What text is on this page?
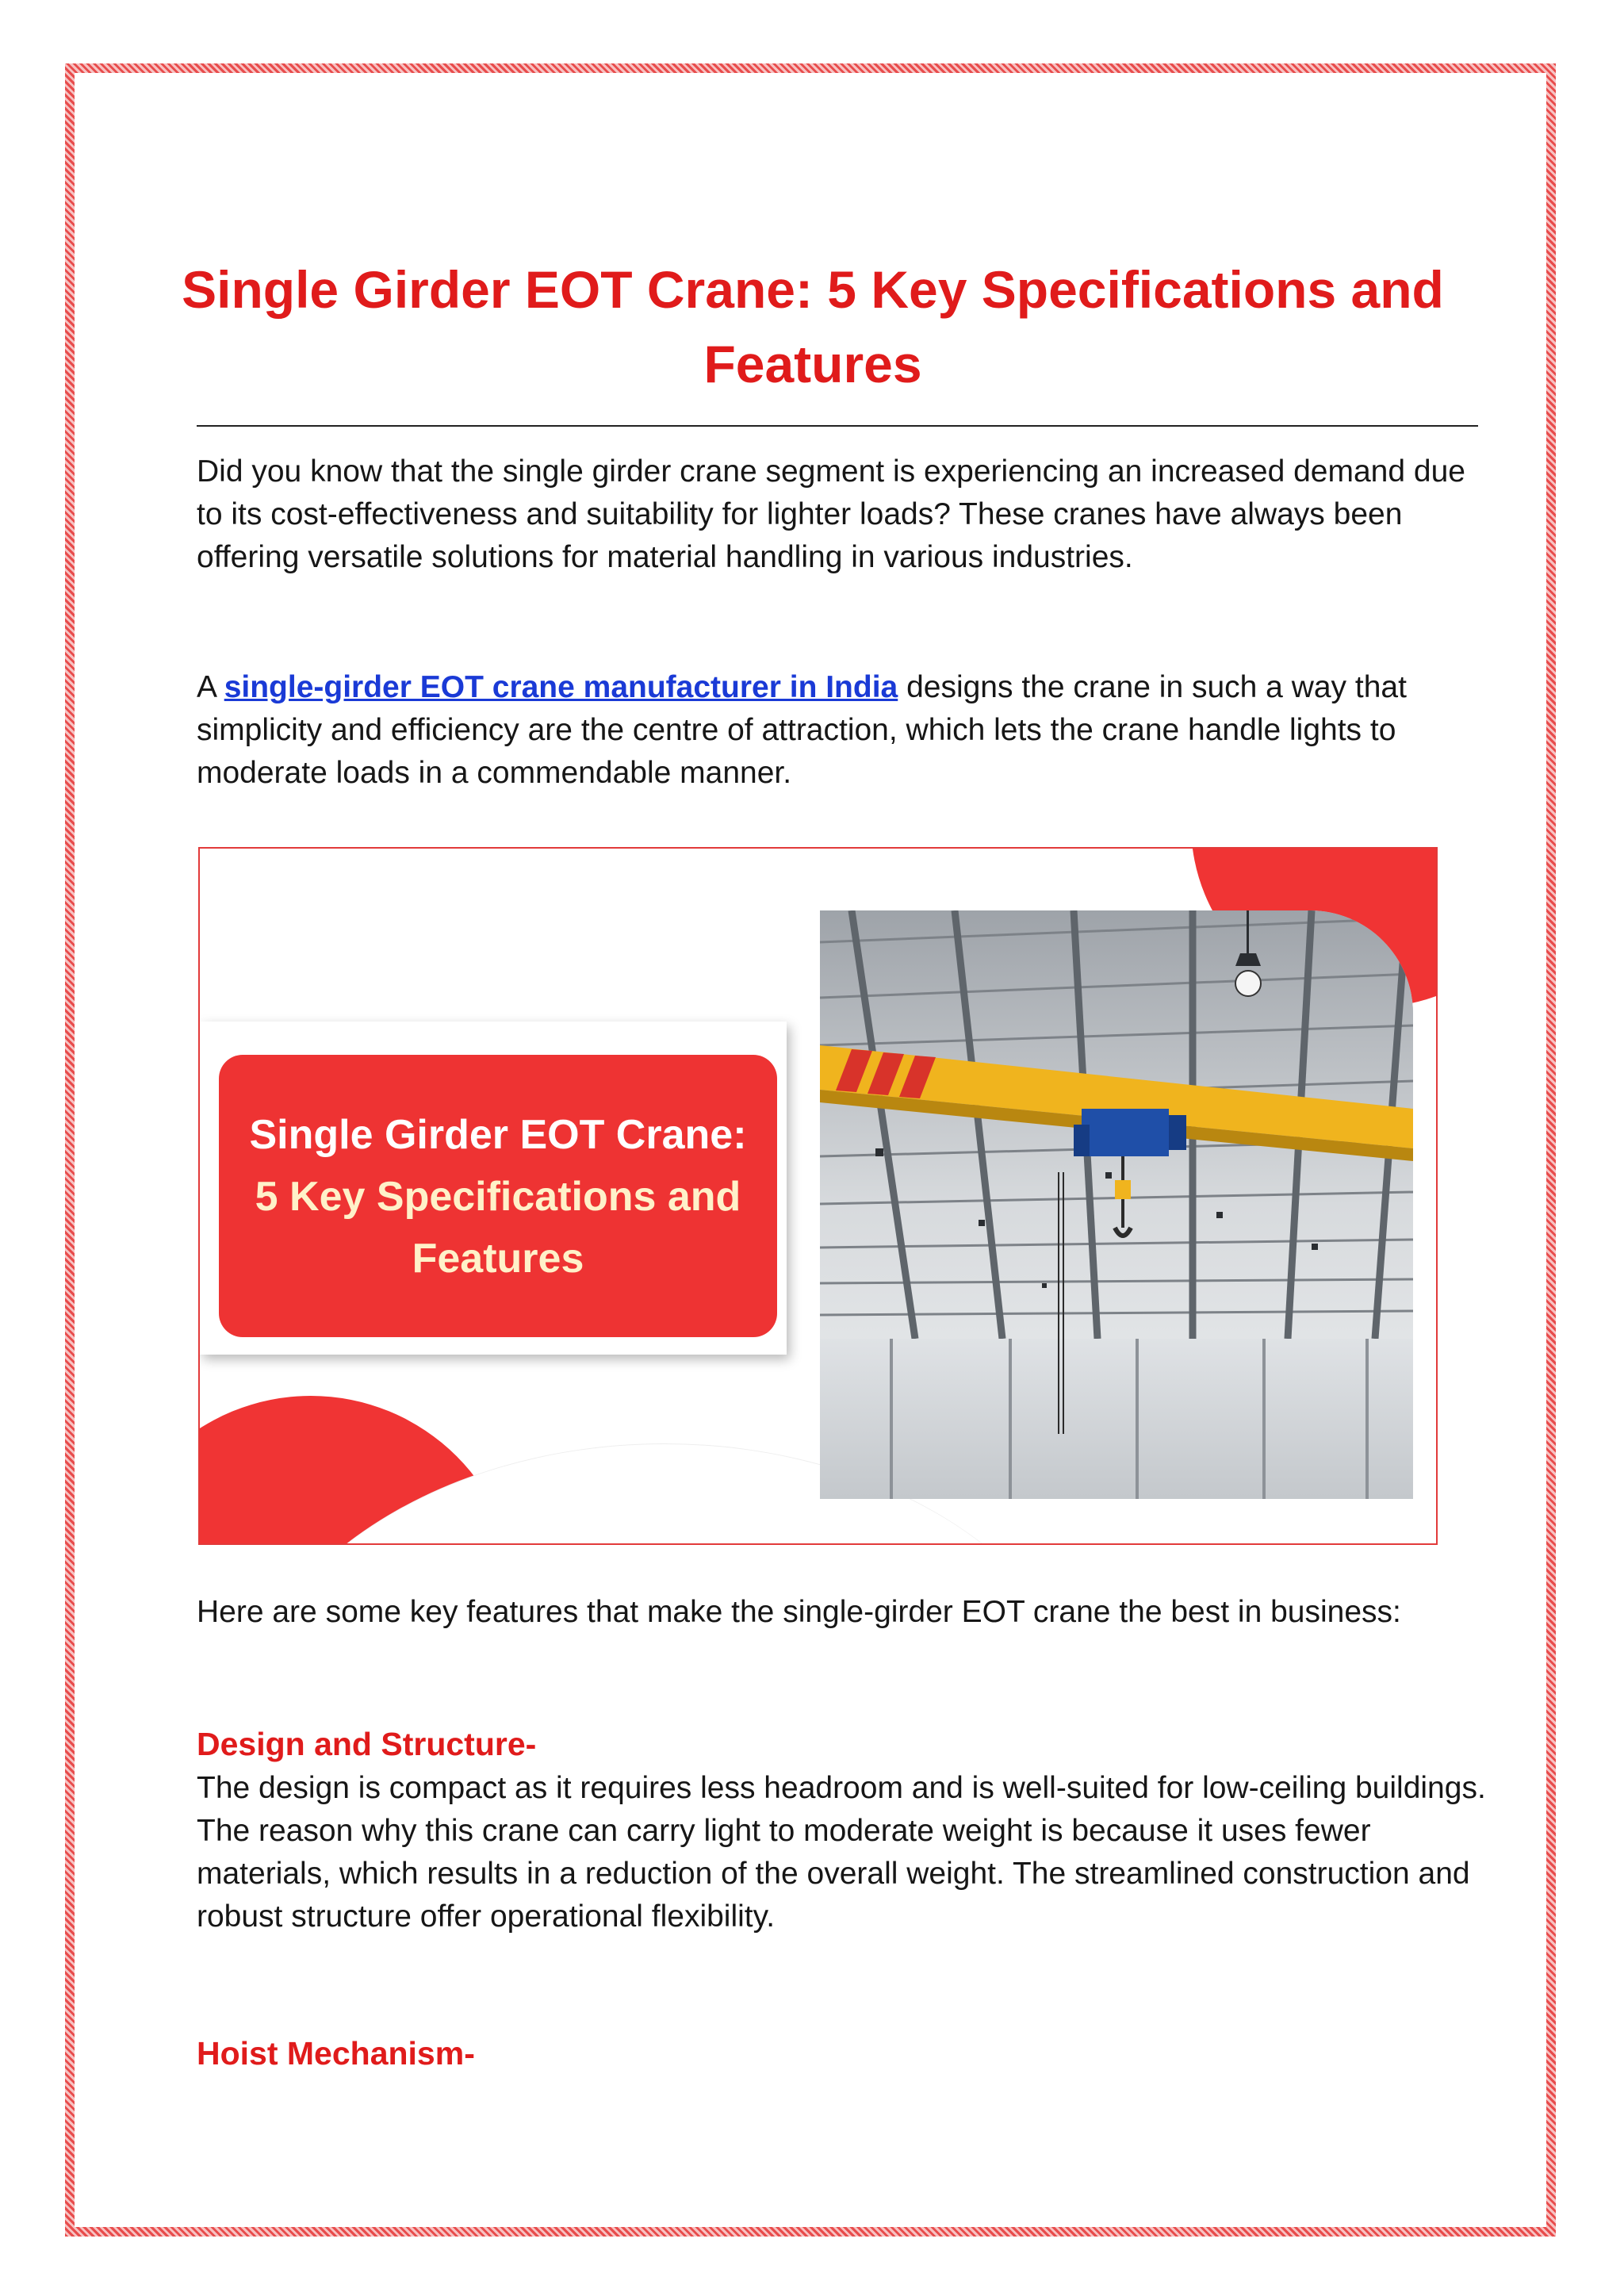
Single Girder EOT Crane: 5 Key Specifications and Features

Did you know that the single girder crane segment is experiencing an increased demand due to its cost-effectiveness and suitability for lighter loads? These cranes have always been offering versatile solutions for material handling in various industries.

A single-girder EOT crane manufacturer in India designs the crane in such a way that simplicity and efficiency are the centre of attraction, which lets the crane handle lights to moderate loads in a commendable manner.

Single Girder EOT Crane:
5 Key Specifications and
Features

Here are some key features that make the single-girder EOT crane the best in business:

Design and Structure-

The design is compact as it requires less headroom and is well-suited for low-ceiling buildings. The reason why this crane can carry light to moderate weight is because it uses fewer materials, which results in a reduction of the overall weight. The streamlined construction and robust structure offer operational flexibility.

Hoist Mechanism-
